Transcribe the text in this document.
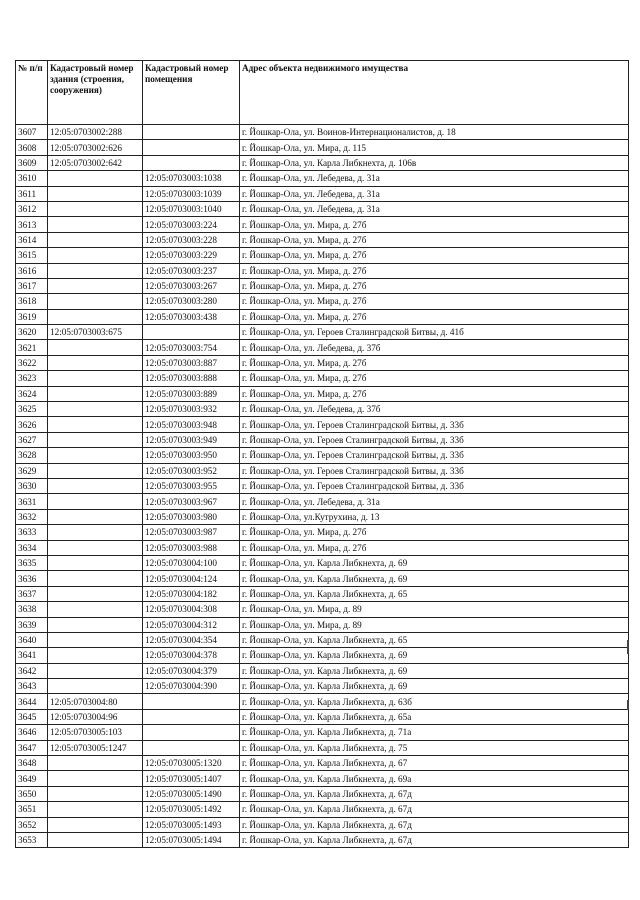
№ п/п	Кадастровый номер здания (строения, сооружения)	Кадастровый номер помещения	Адрес объекта недвижимого имущества
3607	12:05:0703002:288		г. Йошкар-Ола, ул. Воинов-Интернационалистов, д. 18
3608	12:05:0703002:626		г. Йошкар-Ола, ул. Мира, д. 115
3609	12:05:0703002:642		г. Йошкар-Ола, ул. Карла Либкнехта, д. 106в
3610		12:05:0703003:1038	г. Йошкар-Ола, ул. Лебедева, д. 31а
3611		12:05:0703003:1039	г. Йошкар-Ола, ул. Лебедева, д. 31а
3612		12:05:0703003:1040	г. Йошкар-Ола, ул. Лебедева, д. 31а
3613		12:05:0703003:224	г. Йошкар-Ола, ул. Мира, д. 27б
3614		12:05:0703003:228	г. Йошкар-Ола, ул. Мира, д. 27б
3615		12:05:0703003:229	г. Йошкар-Ола, ул. Мира, д. 27б
3616		12:05:0703003:237	г. Йошкар-Ола, ул. Мира, д. 27б
3617		12:05:0703003:267	г. Йошкар-Ола, ул. Мира, д. 27б
3618		12:05:0703003:280	г. Йошкар-Ола, ул. Мира, д. 27б
3619		12:05:0703003:438	г. Йошкар-Ола, ул. Мира, д. 27б
3620	12:05:0703003:675		г. Йошкар-Ола, ул. Героев Сталинградской Битвы, д. 41б
3621		12:05:0703003:754	г. Йошкар-Ола, ул. Лебедева, д. 37б
3622		12:05:0703003:887	г. Йошкар-Ола, ул. Мира, д. 27б
3623		12:05:0703003:888	г. Йошкар-Ола, ул. Мира, д. 27б
3624		12:05:0703003:889	г. Йошкар-Ола, ул. Мира, д. 27б
3625		12:05:0703003:932	г. Йошкар-Ола, ул. Лебедева, д. 37б
3626		12:05:0703003:948	г. Йошкар-Ола, ул. Героев Сталинградской Битвы, д. 33б
3627		12:05:0703003:949	г. Йошкар-Ола, ул. Героев Сталинградской Битвы, д. 33б
3628		12:05:0703003:950	г. Йошкар-Ола, ул. Героев Сталинградской Битвы, д. 33б
3629		12:05:0703003:952	г. Йошкар-Ола, ул. Героев Сталинградской Битвы, д. 33б
3630		12:05:0703003:955	г. Йошкар-Ола, ул. Героев Сталинградской Битвы, д. 33б
3631		12:05:0703003:967	г. Йошкар-Ола, ул. Лебедева, д. 31а
3632		12:05:0703003:980	г. Йошкар-Ола, ул.Кутрухина, д. 13
3633		12:05:0703003:987	г. Йошкар-Ола, ул. Мира, д. 27б
3634		12:05:0703003:988	г. Йошкар-Ола, ул. Мира, д. 27б
3635		12:05:0703004:100	г. Йошкар-Ола, ул. Карла Либкнехта, д. 69
3636		12:05:0703004:124	г. Йошкар-Ола, ул. Карла Либкнехта, д. 69
3637		12:05:0703004:182	г. Йошкар-Ола, ул. Карла Либкнехта, д. 65
3638		12:05:0703004:308	г. Йошкар-Ола, ул. Мира, д. 89
3639		12:05:0703004:312	г. Йошкар-Ола, ул. Мира, д. 89
3640		12:05:0703004:354	г. Йошкар-Ола, ул. Карла Либкнехта, д. 65
3641		12:05:0703004:378	г. Йошкар-Ола, ул. Карла Либкнехта, д. 69
3642		12:05:0703004:379	г. Йошкар-Ола, ул. Карла Либкнехта, д. 69
3643		12:05:0703004:390	г. Йошкар-Ола, ул. Карла Либкнехта, д. 69
3644	12:05:0703004:80		г. Йошкар-Ола, ул. Карла Либкнехта, д. 63б
3645	12:05:0703004:96		г. Йошкар-Ола, ул. Карла Либкнехта, д. 65а
3646	12:05:0703005:103		г. Йошкар-Ола, ул. Карла Либкнехта, д. 71а
3647	12:05:0703005:1247		г. Йошкар-Ола, ул. Карла Либкнехта, д. 75
3648		12:05:0703005:1320	г. Йошкар-Ола, ул. Карла Либкнехта, д. 67
3649		12:05:0703005:1407	г. Йошкар-Ола, ул. Карла Либкнехта, д. 69а
3650		12:05:0703005:1490	г. Йошкар-Ола, ул. Карла Либкнехта, д. 67д
3651		12:05:0703005:1492	г. Йошкар-Ола, ул. Карла Либкнехта, д. 67д
3652		12:05:0703005:1493	г. Йошкар-Ола, ул. Карла Либкнехта, д. 67д
3653		12:05:0703005:1494	г. Йошкар-Ола, ул. Карла Либкнехта, д. 67д
